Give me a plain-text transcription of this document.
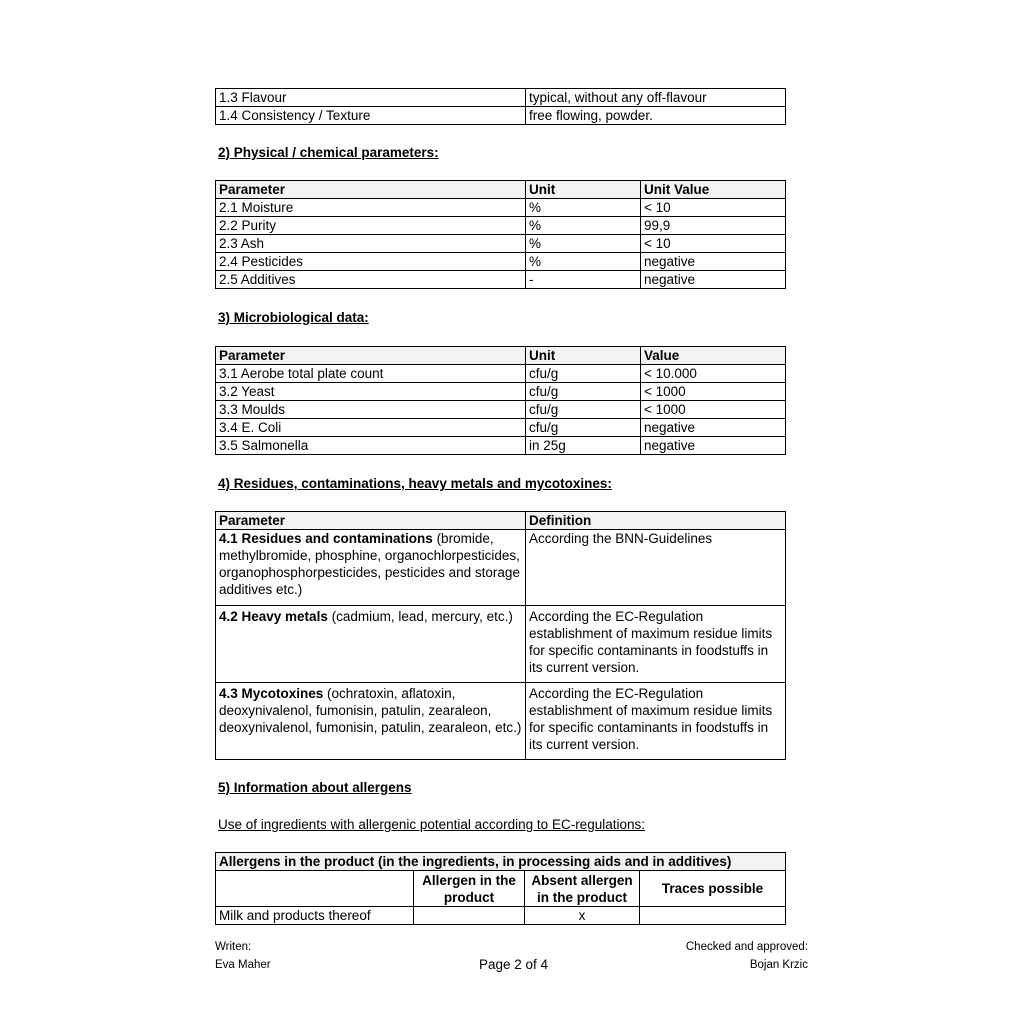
1.3 Flavour	typical, without any off-flavour
1.4 Consistency / Texture	free flowing, powder.
2) Physical / chemical parameters:
Parameter	Unit	Unit Value
2.1 Moisture	%	< 10
2.2 Purity	%	99,9
2.3 Ash	%	< 10
2.4 Pesticides	%	negative
2.5 Additives	-	negative
3) Microbiological data:
Parameter	Unit	Value
3.1 Aerobe total plate count	cfu/g	< 10.000
3.2 Yeast	cfu/g	< 1000
3.3 Moulds	cfu/g	< 1000
3.4 E. Coli	cfu/g	negative
3.5 Salmonella	in 25g	negative
4) Residues, contaminations, heavy metals and mycotoxines:
Parameter	Definition
4.1 Residues and contaminations (bromide, methylbromide, phosphine, organochlorpesticides, organophosphorpesticides, pesticides and storage additives etc.)	According the BNN-Guidelines
4.2 Heavy metals (cadmium, lead, mercury, etc.)	According the EC-Regulation establishment of maximum residue limits for specific contaminants in foodstuffs in its current version.
4.3 Mycotoxines (ochratoxin, aflatoxin, deoxynivalenol, fumonisin, patulin, zearaleon, deoxynivalenol, fumonisin, patulin, zearaleon, etc.)	According the EC-Regulation establishment of maximum residue limits for specific contaminants in foodstuffs in its current version.
5) Information about allergens
Use of ingredients with allergenic potential according to EC-regulations:
Allergens in the product (in the ingredients, in processing aids and in additives)			
	Allergen in the product	Absent allergen in the product	Traces possible
Milk and products thereof		x	
Writen:
Eva Maher	Page 2 of 4
Checked and approved:
Bojan Krzic
